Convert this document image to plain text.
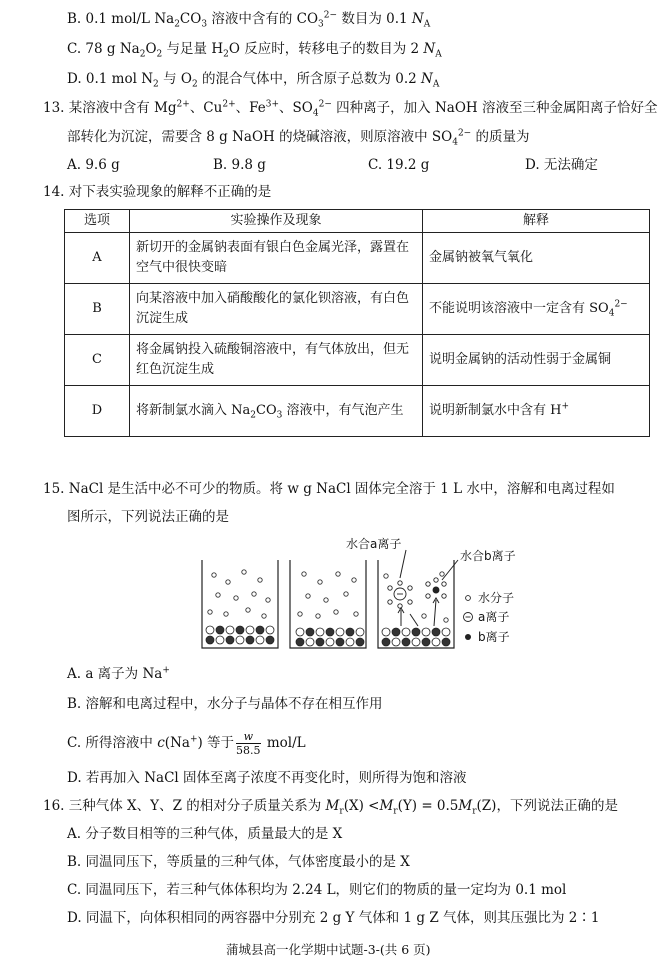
B. 0.1 mol/L $Na_2CO_3$ 溶液中含有的 $CO_3^{2-}$ 数目为 0.1 $N_A$
C. 78 g $Na_2O_2$ 与足量 $H_2O$ 反应时，转移电子的数目为 2 $N_A$
D. 0.1 mol $N_2$ 与 $O_2$ 的混合气体中，所含原子总数为 0.2 $N_A$
13. 某溶液中含有 $Mg^{2+}$、$Cu^{2+}$、$Fe^{3+}$、$SO_4^{2-}$ 四种离子，加入 NaOH 溶液至三种金属阳离子恰好全
部转化为沉淀，需要含 8 g NaOH 的烧碱溶液，则原溶液中 $SO_4^{2-}$ 的质量为
A. 9.6 g	B. 9.8 g	C. 19.2 g	D. 无法确定
14. 对下表实验现象的解释不正确的是
选项	实验操作及现象	解释
A	新切开的金属钠表面有银白色金属光泽，露置在空气中很快变暗	金属钠被氧气氧化
B	向某溶液中加入硝酸酸化的氯化钡溶液，有白色沉淀生成	不能说明该溶液中一定含有 $SO_4^{2-}$
C	将金属钠投入硫酸铜溶液中，有气体放出，但无红色沉淀生成	说明金属钠的活动性弱于金属铜
D	将新制氯水滴入 $Na_2CO_3$ 溶液中，有气泡产生	说明新制氯水中含有 H+
15. NaCl 是生活中必不可少的物质。将 w g NaCl 固体完全溶于 1 L 水中，溶解和电离过程如
图所示，下列说法正确的是
水合a离子
水合b离子
水分子
a离子
b离子
A. a 离子为 Na+
B. 溶解和电离过程中，水分子与晶体不存在相互作用
C. 所得溶液中 c(Na+) 等于 $\frac{w}{58.5} mol/L$
D. 若再加入 NaCl 固体至离子浓度不再变化时，则所得为饱和溶液
16. 三种气体 X、Y、Z 的相对分子质量关系为 $M_r(X) <M_r(Y) = 0.5M_r(Z)$，下列说法正确的是
A. 分子数目相等的三种气体，质量最大的是 X
B. 同温同压下，等质量的三种气体，气体密度最小的是 X
C. 同温同压下，若三种气体体积均为 2.24 L，则它们的物质的量一定均为 0.1 mol
D. 同温下，向体积相同的两容器中分别充 2 g Y 气体和 1 g Z 气体，则其压强比为 2∶1
蒲城县高一化学期中试题-3-(共 6 页)
